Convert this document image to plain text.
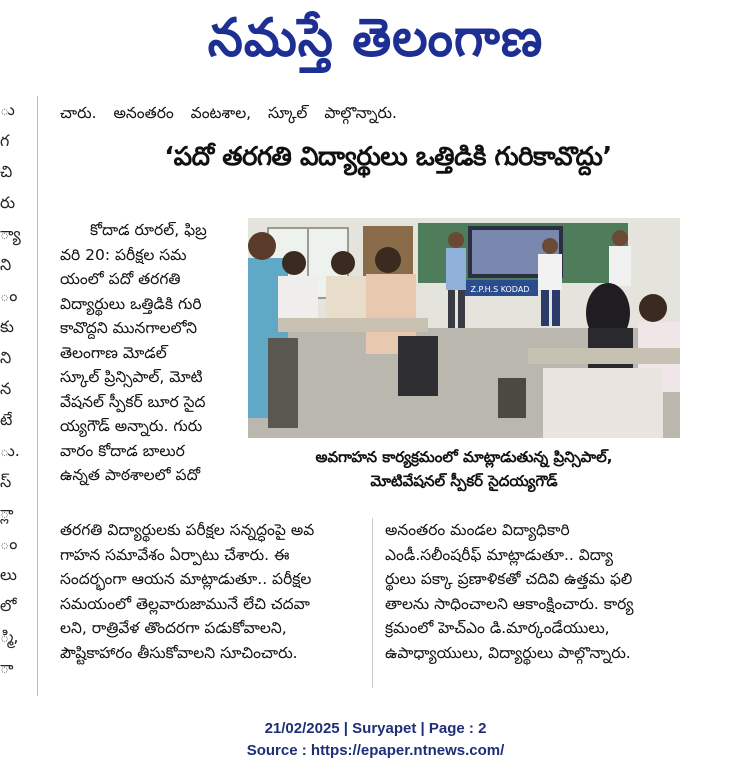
నమస్తే తెలంగాణ
ు
గ
చి
రు
్యా
ని
ం
కు
ని
న
టే
ు.
స్
్లా
ం
లు
లో
్మి,
ా
చారు. అనంతరం వంటశాల, స్కూల్ పాల్గొన్నారు.
‘పదో తరగతి విద్యార్థులు ఒత్తిడికి గురికావొద్దు’

కోదాడ రూరల్, ఫిబ్ర

వరి 20: పరీక్షల సమ

యంలో పదో తరగతి

విద్యార్థులు ఒత్తిడికి గురి

కావొద్దని మునగాలలోని

తెలంగాణ మోడల్

స్కూల్ ప్రిన్సిపాల్, మోటి

వేషనల్ స్పీకర్ బూర సైద

య్యగౌడ్ అన్నారు. గురు

వారం కోదాడ బాలుర

ఉన్నత పాఠశాలలో పదో

Z.P.H.S KODAD
అవగాహన కార్యక్రమంలో మాట్లాడుతున్న ప్రిన్సిపాల్,
మోటివేషనల్ స్పీకర్ సైదయ్యగౌడ్

తరగతి విద్యార్థులకు పరీక్షల సన్నద్ధంపై అవ

గాహన సమావేశం ఏర్పాటు చేశారు. ఈ

సందర్భంగా ఆయన మాట్లాడుతూ.. పరీక్షల

సమయంలో తెల్లవారుజామునే లేచి చదవా

లని, రాత్రివేళ తొందరగా పడుకోవాలని,

పౌష్టికాహారం తీసుకోవాలని సూచించారు.

అనంతరం మండల విద్యాధికారి

ఎండీ.సలీంషరీఫ్ మాట్లాడుతూ.. విద్యా

ర్థులు పక్కా ప్రణాళికతో చదివి ఉత్తమ ఫలి

తాలను సాధించాలని ఆకాంక్షించారు. కార్య

క్రమంలో హెచ్ఎం డి.మార్కండేయులు,

ఉపాధ్యాయులు, విద్యార్థులు పాల్గొన్నారు.

21/02/2025 | Suryapet | Page : 2
Source : https://epaper.ntnews.com/
